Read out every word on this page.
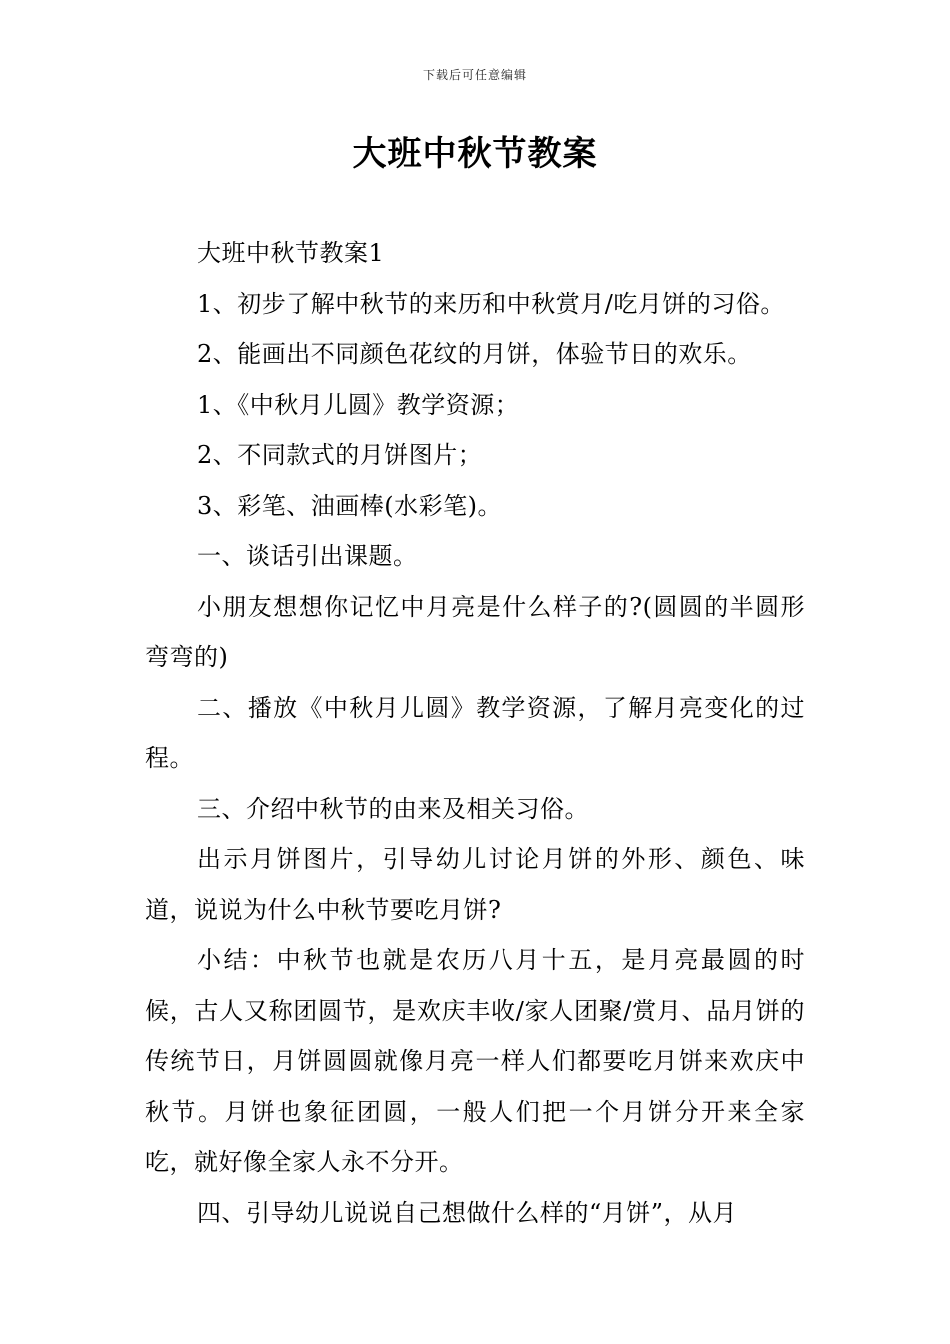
下载后可任意编辑
大班中秋节教案

大班中秋节教案1

1、初步了解中秋节的来历和中秋赏月/吃月饼的习俗。

2、能画出不同颜色花纹的月饼，体验节日的欢乐。

1、《中秋月儿圆》教学资源；

2、不同款式的月饼图片；

3、彩笔、油画棒(水彩笔)。

一、谈话引出课题。

小朋友想想你记忆中月亮是什么样子的?(圆圆的半圆形弯弯的)

二、播放《中秋月儿圆》教学资源，了解月亮变化的过程。

三、介绍中秋节的由来及相关习俗。

出示月饼图片，引导幼儿讨论月饼的外形、颜色、味道，说说为什么中秋节要吃月饼?

小结：中秋节也就是农历八月十五，是月亮最圆的时候，古人又称团圆节，是欢庆丰收/家人团聚/赏月、品月饼的传统节日，月饼圆圆就像月亮一样人们都要吃月饼来欢庆中秋节。月饼也象征团圆，一般人们把一个月饼分开来全家吃，就好像全家人永不分开。

四、引导幼儿说说自己想做什么样的“月饼”，从月
